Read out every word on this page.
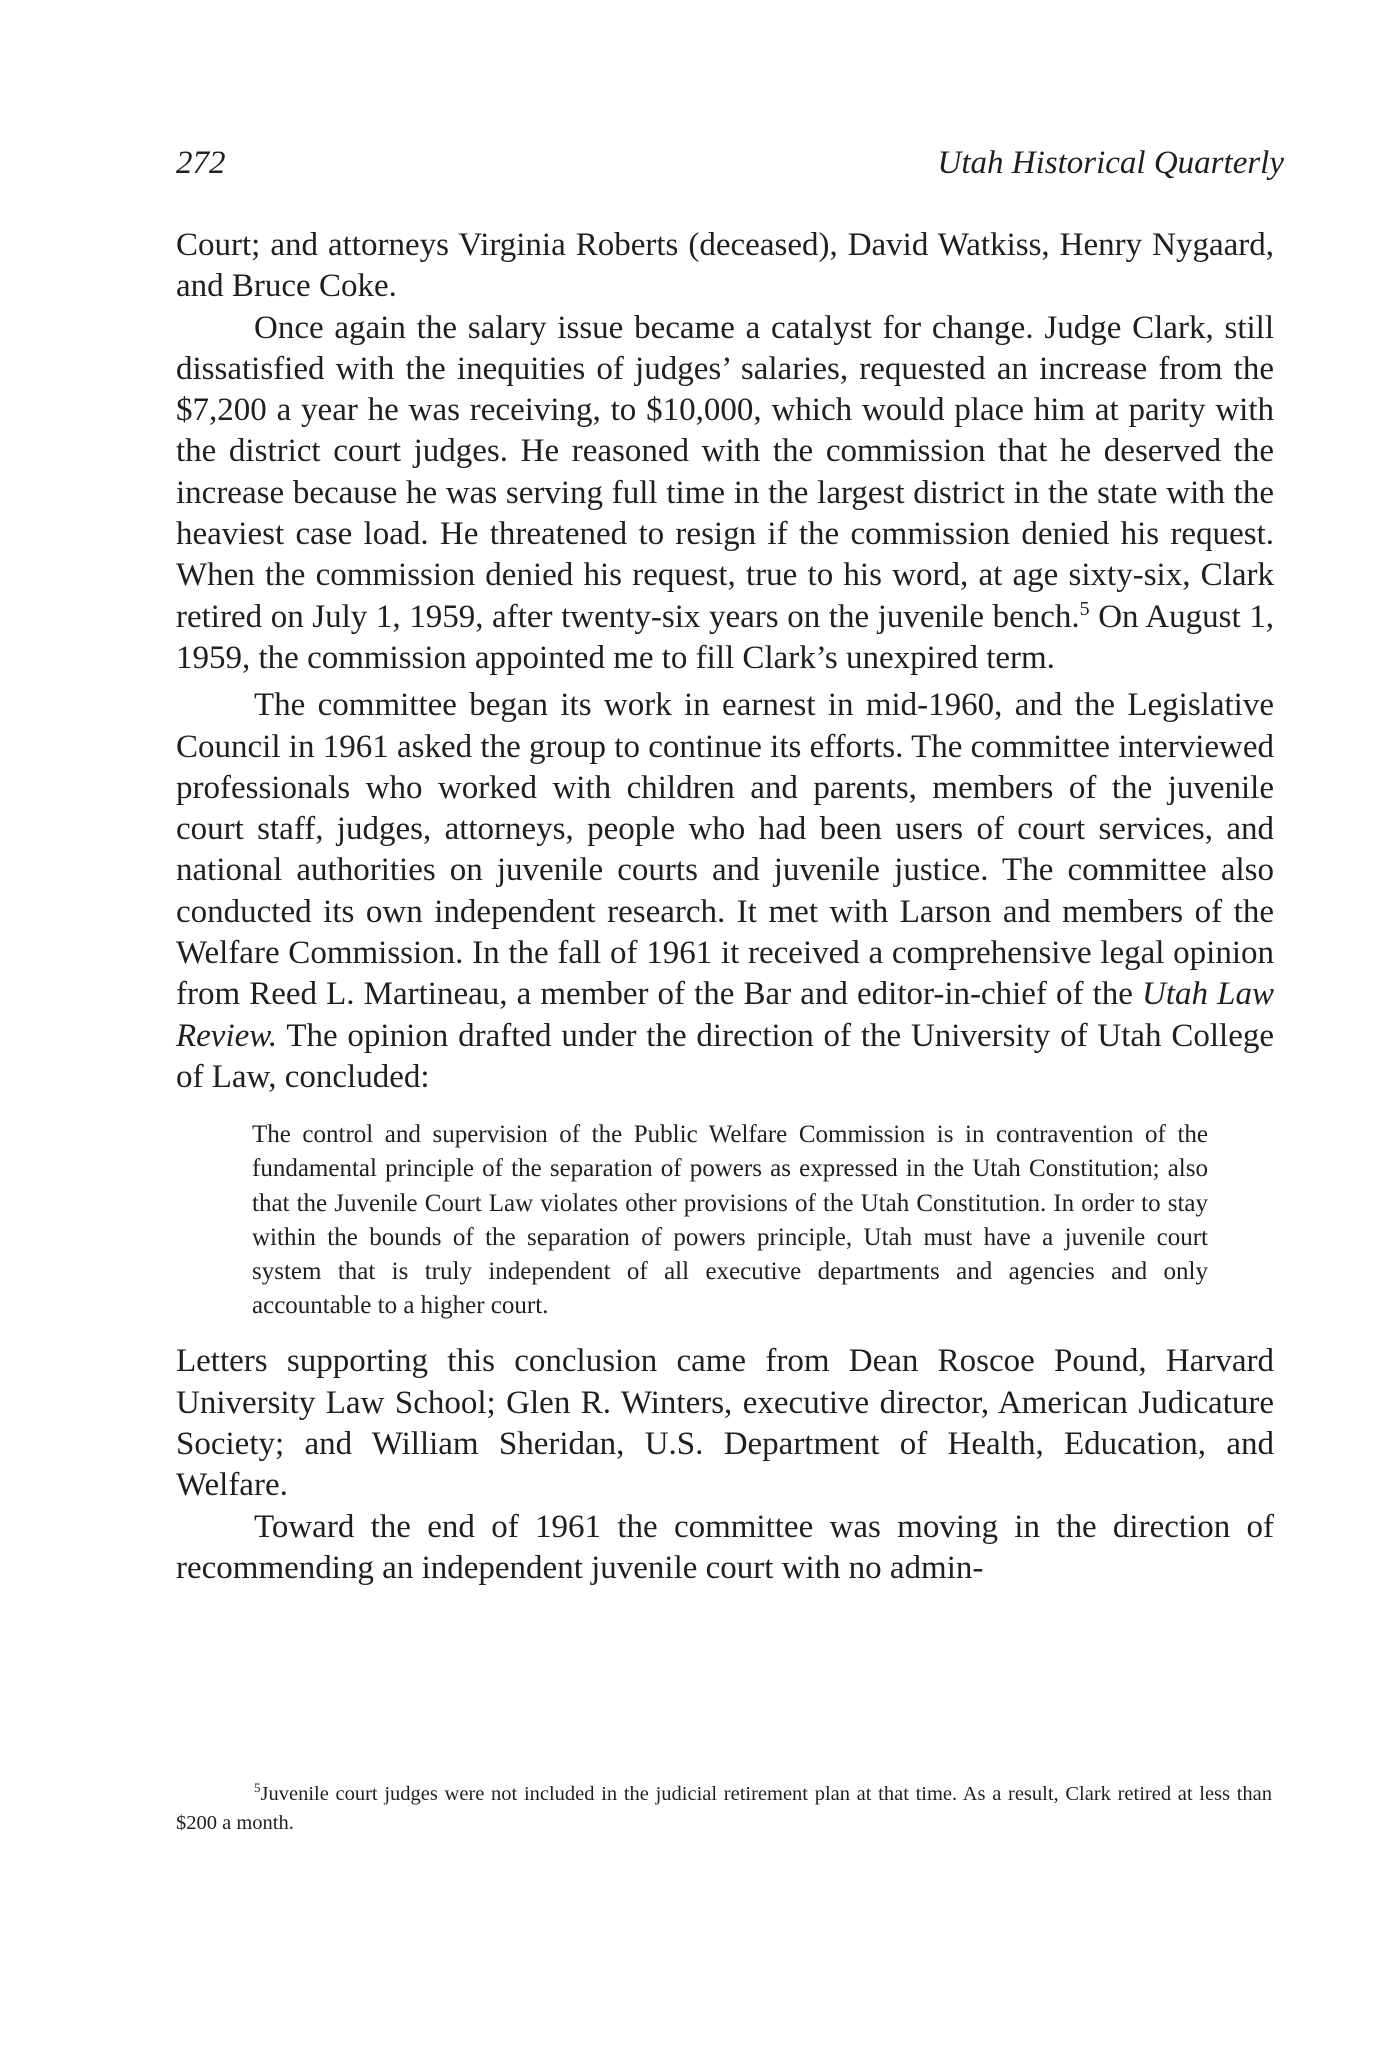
272	Utah Historical Quarterly

Court; and attorneys Virginia Roberts (deceased), David Watkiss, Henry Nygaard, and Bruce Coke.

Once again the salary issue became a catalyst for change. Judge Clark, still dissatisfied with the inequities of judges’ salaries, requested an increase from the $7,200 a year he was receiving, to $10,000, which would place him at parity with the district court judges. He reasoned with the commission that he deserved the increase because he was serving full time in the largest district in the state with the heaviest case load. He threatened to resign if the commission denied his request. When the commission denied his request, true to his word, at age sixty-six, Clark retired on July 1, 1959, after twenty-six years on the juvenile bench.$^5$ On August 1, 1959, the commission appointed me to fill Clark’s unexpired term.

The committee began its work in earnest in mid-1960, and the Legislative Council in 1961 asked the group to continue its efforts. The committee interviewed professionals who worked with children and parents, members of the juvenile court staff, judges, attorneys, people who had been users of court services, and national authorities on juvenile courts and juvenile justice. The committee also conducted its own independent research. It met with Larson and members of the Welfare Commission. In the fall of 1961 it received a comprehensive legal opinion from Reed L. Martineau, a member of the Bar and editor-in-chief of the Utah Law Review. The opinion drafted under the direction of the University of Utah College of Law, concluded:

The control and supervision of the Public Welfare Commission is in contravention of the fundamental principle of the separation of powers as expressed in the Utah Constitution; also that the Juvenile Court Law violates other provisions of the Utah Constitution. In order to stay within the bounds of the separation of powers principle, Utah must have a juvenile court system that is truly independent of all executive departments and agencies and only accountable to a higher court.

Letters supporting this conclusion came from Dean Roscoe Pound, Harvard University Law School; Glen R. Winters, executive director, American Judicature Society; and William Sheridan, U.S. Department of Health, Education, and Welfare.

Toward the end of 1961 the committee was moving in the direction of recommending an independent juvenile court with no admin-

$^5$Juvenile court judges were not included in the judicial retirement plan at that time. As a result, Clark retired at less than $200 a month.
